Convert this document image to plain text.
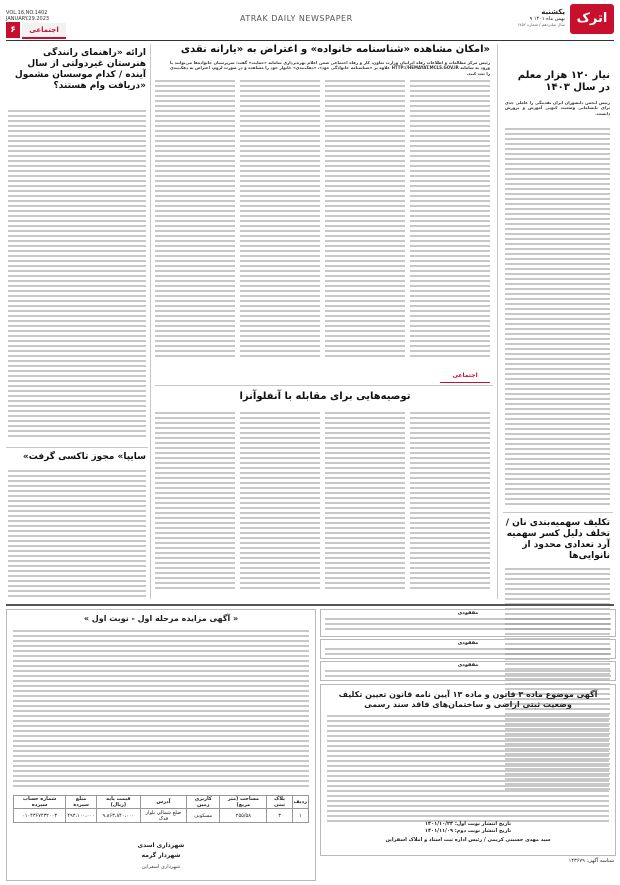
۶	اجتماعی
VOL.16,NO.1402
JANUARY.29.2023	ATRAK DAILY NEWSPAPER
یکشنبه
۹ بهمن ماه ۱۴۰۱
سال شانزدهم / شماره ۱۷۵۲ اترک
امکان مشاهده «شناسنامه خانواده» و اعتراض به «یارانه نقدی»
رئیس مرکز مطالعات و اطلاعات رفاه ایرانیان وزارت تعاون، کار و رفاه اجتماعی ضمن اعلام بهره‌برداری سامانه «حمایت» گفت: سرپرستان خانواده‌ها می‌توانند با ورود به سامانه HTTP://HEMAYAT.MCLS.GOV.IR علاوه بر «شناسنامه خانوادگی خود»، «دهک‌بندی» خانوار خود را مشاهده و در صورت لزوم، اعتراض به دهک‌بندی را ثبت کنند.	نیاز ۱۲۰ هزار معلم در سال ۱۴۰۳
رییس انجمن دانشوران ایران نقدینگی را عاملی جدی برای نابسامانی وضعیت کنونی آموزش و پرورش دانست.
تکلیف سهمیه‌بندی نان / تخلف دلیل کسر سهمیه آرد تعدادی محدود از نانوایی‌ها
ارائه «راهنمای رانندگی هنرستان غیردولتی از سال آینده / کدام موسسان مشمول دریافت وام هستند؟»
«سایپا» مجوز تاکسی گرفت
اجتماعی
توصیه‌هایی برای مقابله با آنفلوآنزا
مفقودی
مفقودی
مفقودی
آگهی موضوع ماده ۳ قانون و ماده ۱۳ آیین نامه قانون تعیین تکلیف وضعیت ثبتی اراضی و ساختمان‌های فاقد سند رسمی
تاریخ انتشار نوبت اول: ۱۴۰۱/۱۰/۲۴
تاریخ انتشار نوبت دوم: ۱۴۰۱/۱۱/۰۹
سید مهدی حسینی کریمی / رئیس اداره ثبت اسناد و املاک اسفراین
شناسه آگهی: ۱۴۳۶۷۹
« آگهی مزایده مرحله اول - نوبت اول »
ردیف	پلاک ثبتی	مساحت (متر مربع)	کاربری زمین	آدرس	قیمت پایه (ریال)	مبلغ سپرده	شماره حساب سپرده
۱	۳	۲۵۵/۵۸	مسکونی	ضلع شمالی بلوار قدک	۹،۸۶۳،۸۴۰،۰۰۰	۴۹۳،۱۰۰،۰۰۰	۰۱۰۴۳۶۷۴۳۲۰۰۳
شهرداری اسدی
شهردار گرمه
شهرداری اسفراین
